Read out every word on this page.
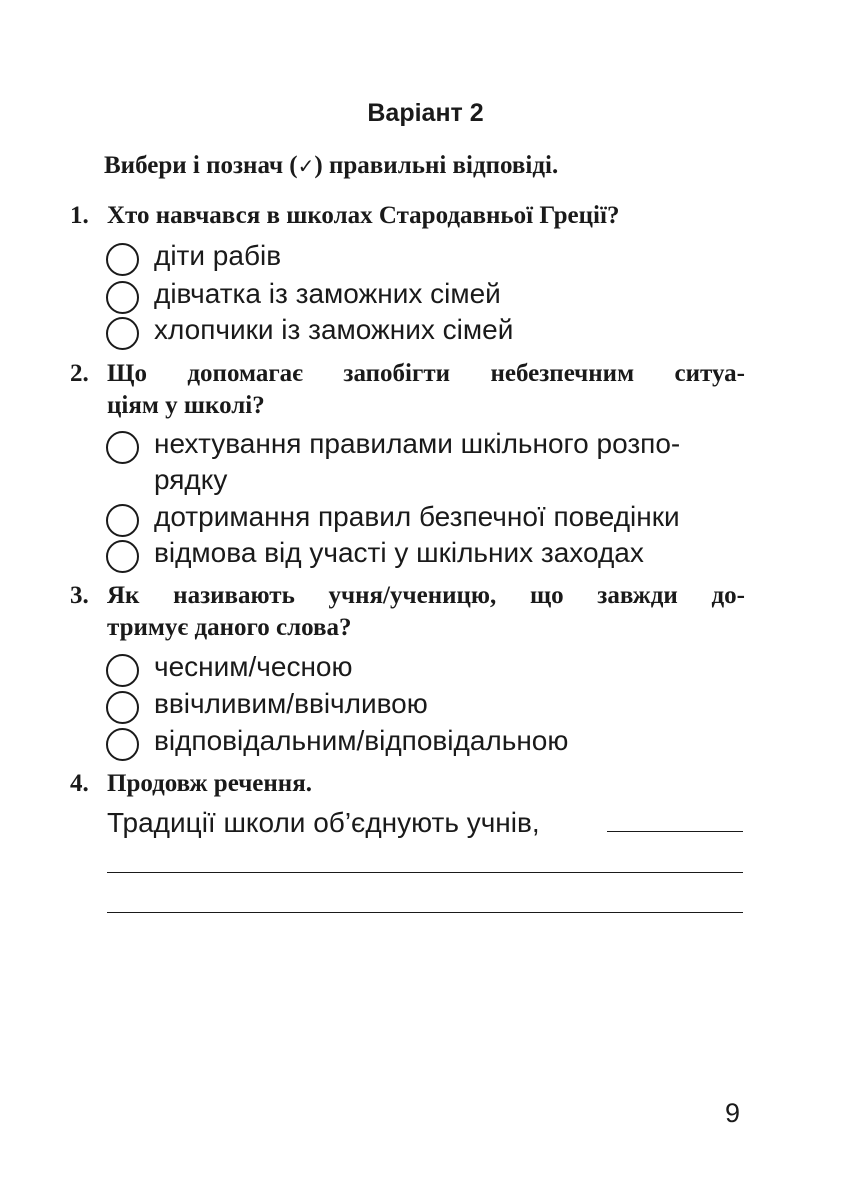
Варіант 2
Вибери і познач (✓) правильні відповіді.
1. Хто навчався в школах Стародавньої Греції?
діти рабів
дівчатка із заможних сімей
хлопчики із заможних сімей
2. Що допомагає запобігти небезпечним ситуа-
ціям у школі?
нехтування правилами шкільного розпо-
рядку
дотримання правил безпечної поведінки
відмова від участі у шкільних заходах
3. Як називають учня/ученицю, що завжди до-
тримує даного слова?
чесним/чесною
ввічливим/ввічливою
відповідальним/відповідальною
4. Продовж речення.
Традиції школи об’єднують учнів,
9
